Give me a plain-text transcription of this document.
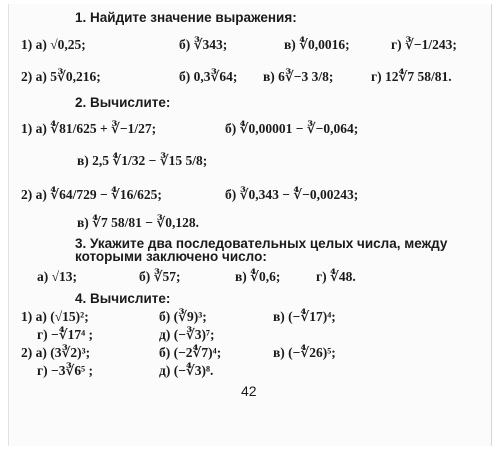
1. Найдите значение выражения:
1) а) √0,25;	б) ∛343;	в) ∜0,0016;	г) ∛−1/243;
2) а) 5∛0,216;	б) 0,3∛64; в) 6∛−3 3/8;	г) 12∜7 58/81.
2. Вычислите:
1) а) ∜81/625 + ∛−1/27;	б) ∜0,00001 − ∛−0,064;
в) 2,5 ∜1/32 − ∛15 5/8;
2) а) ∜64/729 − ∜16/625;	б) ∛0,343 − ∜−0,00243;
в) ∜7 58/81 − ∛0,128.
3. Укажите два последовательных целых числа, между
которыми заключено число:
а) √13;	б) ∛57;	в) ∜0,6;	г) ∜48.
4. Вычислите:
1) а) (√15)²;	б) (∛9)³;	в) (−∜17)⁴;
г) −∜17⁴ ;	д) (−∛3)⁷;
2) а) (3∛2)³;	б) (−2∜7)⁴;	в) (−∜26)⁵;
г) −3∛6⁵ ;	д) (−∜3)⁸.
42
